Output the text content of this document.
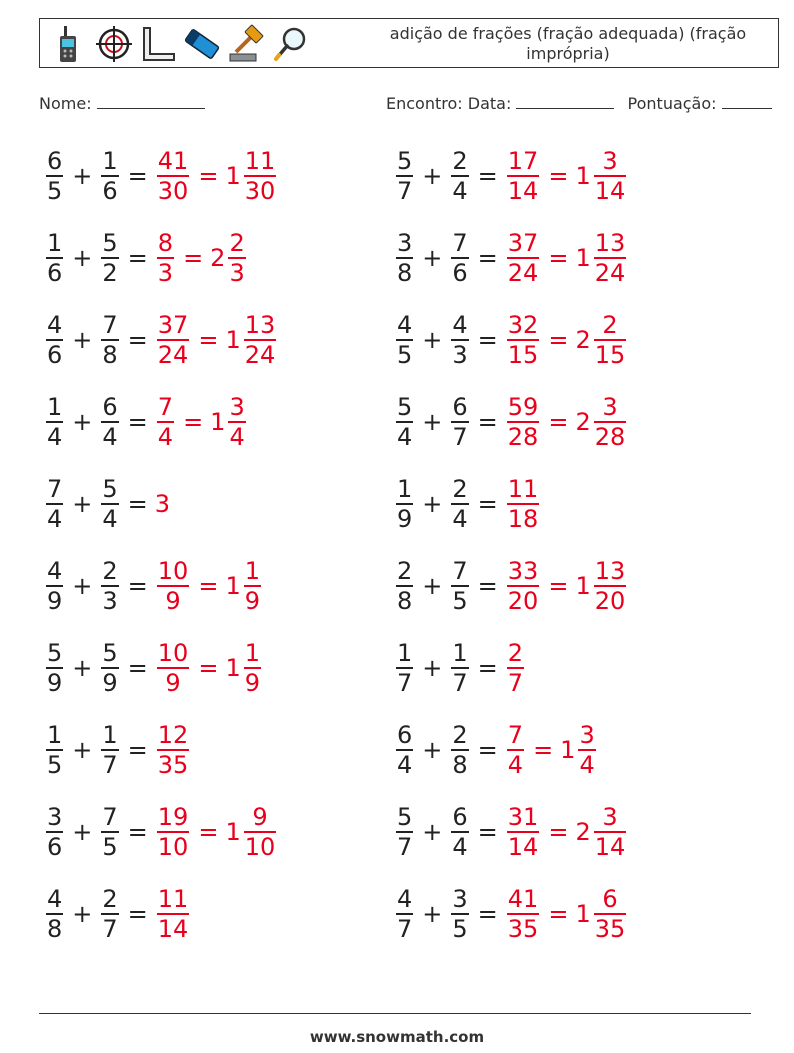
adição de frações (fração adequada) (fração imprópria)
Nome:	Encontro: Data:	Pontuação:
$\frac{6}{5} + \frac{1}{6} = \frac{41}{30} = 1 \frac{11}{30}$	$\frac{5}{7} + \frac{2}{4} = \frac{17}{14} = 1 \frac{3}{14}$
$\frac{1}{6} + \frac{5}{2} = \frac{8}{3} = 2 \frac{2}{3}$	$\frac{3}{8} + \frac{7}{6} = \frac{37}{24} = 1 \frac{13}{24}$
$\frac{4}{6} + \frac{7}{8} = \frac{37}{24} = 1 \frac{13}{24}$	$\frac{4}{5} + \frac{4}{3} = \frac{32}{15} = 2 \frac{2}{15}$
$\frac{1}{4} + \frac{6}{4} = \frac{7}{4} = 1 \frac{3}{4}$	$\frac{5}{4} + \frac{6}{7} = \frac{59}{28} = 2 \frac{3}{28}$
$\frac{7}{4} + \frac{5}{4} = 3$	$\frac{1}{9} + \frac{2}{4} = \frac{11}{18}$
$\frac{4}{9} + \frac{2}{3} = \frac{10}{9} = 1 \frac{1}{9}$	$\frac{2}{8} + \frac{7}{5} = \frac{33}{20} = 1 \frac{13}{20}$
$\frac{5}{9} + \frac{5}{9} = \frac{10}{9} = 1 \frac{1}{9}$	$\frac{1}{7} + \frac{1}{7} = \frac{2}{7}$
$\frac{1}{5} + \frac{1}{7} = \frac{12}{35}$	$\frac{6}{4} + \frac{2}{8} = \frac{7}{4} = 1 \frac{3}{4}$
$\frac{3}{6} + \frac{7}{5} = \frac{19}{10} = 1 \frac{9}{10}$	$\frac{5}{7} + \frac{6}{4} = \frac{31}{14} = 2 \frac{3}{14}$
$\frac{4}{8} + \frac{2}{7} = \frac{11}{14}$	$\frac{4}{7} + \frac{3}{5} = \frac{41}{35} = 1 \frac{6}{35}$
www.snowmath.com
